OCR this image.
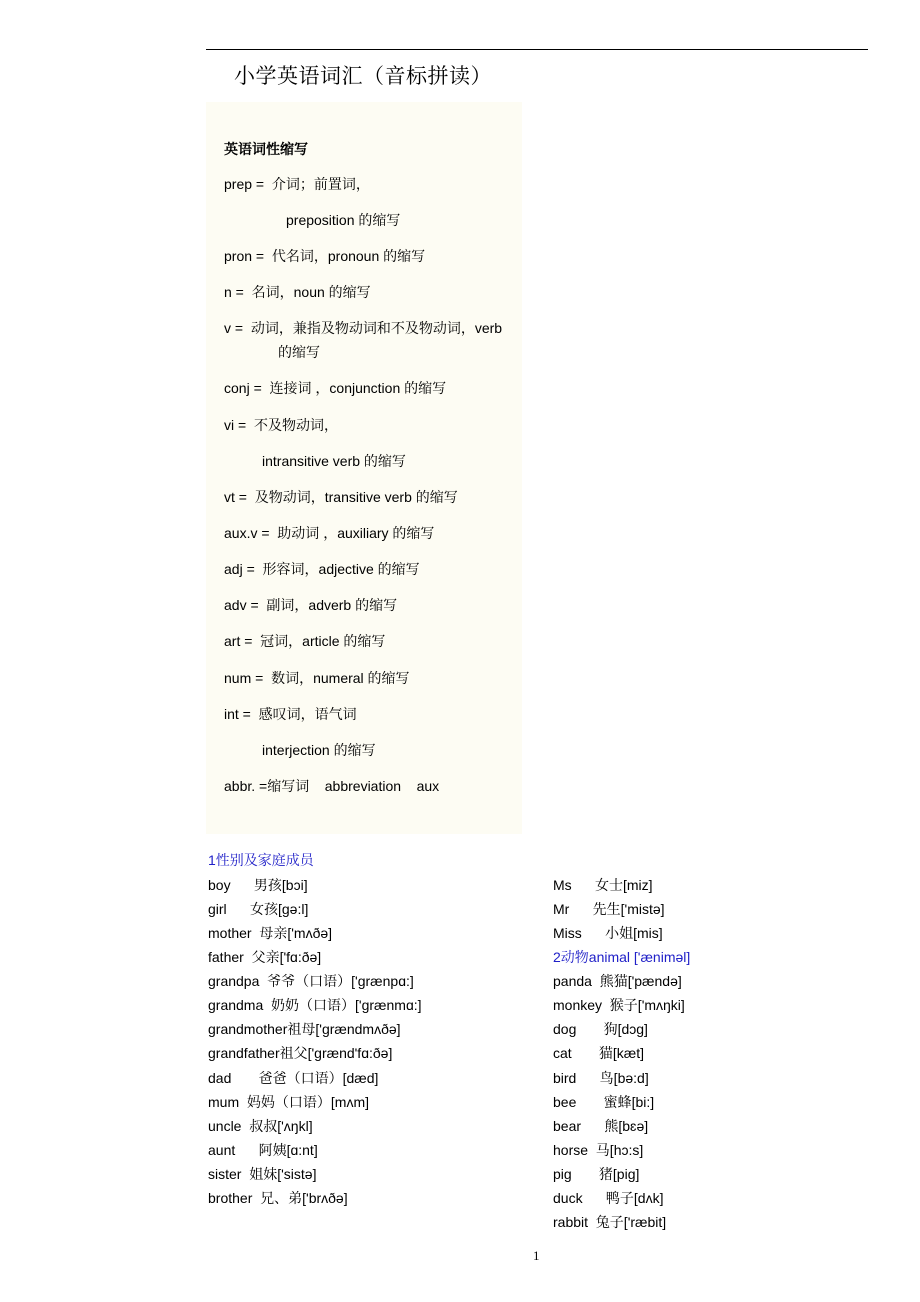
小学英语词汇（音标拼读）
英语词性缩写
prep =  介词；前置词，
preposition 的缩写
pron =  代名词，pronoun 的缩写
n =  名词，noun 的缩写
v =  动词，兼指及物动词和不及物动词，verb
的缩写
conj =  连接词 ，conjunction 的缩写
vi =  不及物动词，
intransitive verb 的缩写
vt =  及物动词，transitive verb 的缩写
aux.v =  助动词 ，auxiliary 的缩写
adj =  形容词，adjective 的缩写
adv =  副词，adverb 的缩写
art =  冠词，article 的缩写
num =  数词，numeral 的缩写
int =  感叹词，语气词
interjection 的缩写
abbr. =缩写词    abbreviation    aux
1性别及家庭成员
boy      男孩[bɔi]
girl      女孩[ɡə:l]
mother  母亲['mʌðə]
father  父亲['fɑ:ðə]
grandpa  爷爷（口语）['ɡrænpɑ:]
grandma  奶奶（口语）['ɡrænmɑ:]
grandmother祖母['ɡrændmʌðə]
grandfather祖父['ɡrænd'fɑ:ðə]
dad       爸爸（口语）[dæd]
mum  妈妈（口语）[mʌm]
uncle  叔叔['ʌŋkl]
aunt      阿姨[ɑ:nt]
sister  姐妹['sistə]
brother  兄、弟['brʌðə]
Ms      女士[miz]
Mr      先生['mistə]
Miss      小姐[mis]
2动物animal ['æniməl]
panda  熊猫['pændə]
monkey  猴子['mʌŋki]
dog       狗[dɔɡ]
cat       猫[kæt]
bird      鸟[bə:d]
bee       蜜蜂[bi:]
bear      熊[bɛə]
horse  马[hɔ:s]
pig       猪[piɡ]
duck      鸭子[dʌk]
rabbit  兔子['ræbit]
1
